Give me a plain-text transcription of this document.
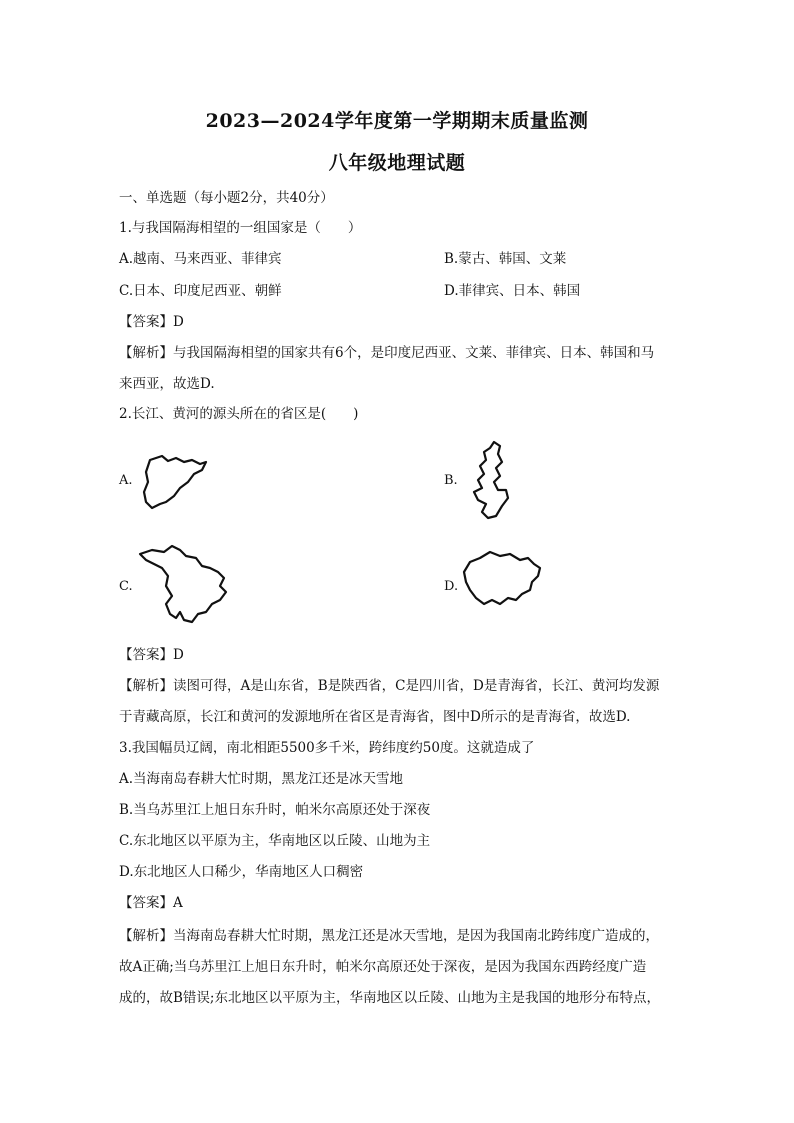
2023—2024学年度第一学期期末质量监测
八年级地理试题
一、单选题（每小题2分，共40分）
1.与我国隔海相望的一组国家是（　　）
A.越南、马来西亚、菲律宾	B.蒙古、韩国、文莱
C.日本、印度尼西亚、朝鲜	D.菲律宾、日本、韩国
【答案】D
【解析】与我国隔海相望的国家共有6个，是印度尼西亚、文莱、菲律宾、日本、韩国和马
来西亚，故选D.
2.长江、黄河的源头所在的省区是(　　)
A.	B.
C.	D.
【答案】D
【解析】读图可得，A是山东省，B是陕西省，C是四川省，D是青海省，长江、黄河均发源
于青藏高原，长江和黄河的发源地所在省区是青海省，图中D所示的是青海省，故选D.
3.我国幅员辽阔，南北相距5500多千米，跨纬度约50度。这就造成了
A.当海南岛春耕大忙时期，黑龙江还是冰天雪地
B.当乌苏里江上旭日东升时，帕米尔高原还处于深夜
C.东北地区以平原为主，华南地区以丘陵、山地为主
D.东北地区人口稀少，华南地区人口稠密
【答案】A
【解析】当海南岛春耕大忙时期，黑龙江还是冰天雪地，是因为我国南北跨纬度广造成的，
故A正确;当乌苏里江上旭日东升时，帕米尔高原还处于深夜，是因为我国东西跨经度广造
成的，故B错误;东北地区以平原为主，华南地区以丘陵、山地为主是我国的地形分布特点，
